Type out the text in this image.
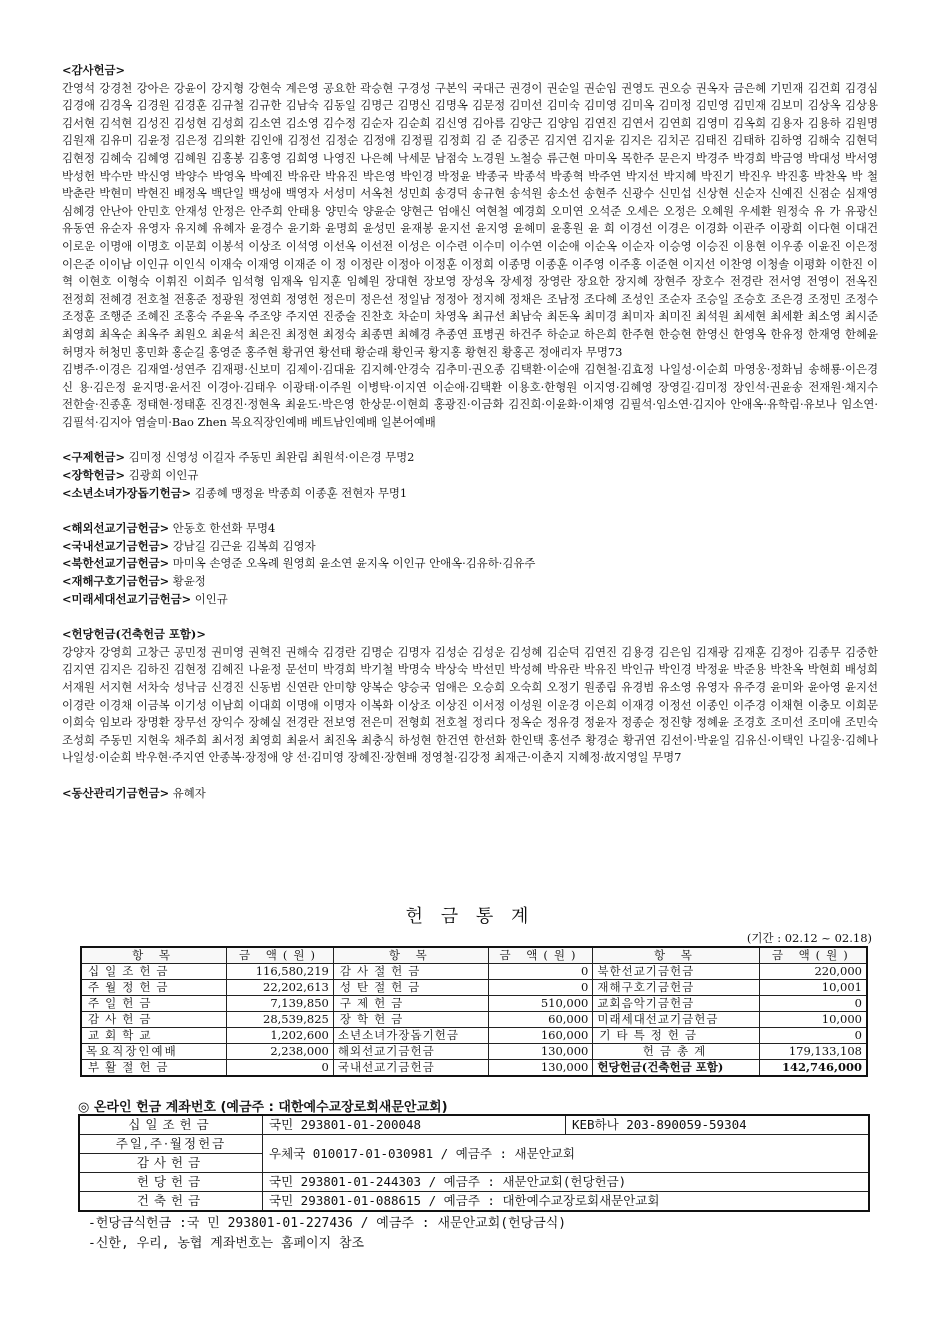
<감사헌금>
간영석 강경천 강아은 강윤이 강지형 강현숙 계은영 공요한 곽승현 구경성 구본익 국대근 권경이 권순일 권순임 권영도 권오승 권옥자 금은혜 기민재 김건희 김경심 김경애 김경옥 김경원 김경훈 김규철 김규한 김남숙 김동일 김명근 김명신 김명옥 김문정 김미선 김미숙 김미영 김미옥 김미정 김민영 김민재 김보미 김상옥 김상용 김서현 김석현 김성진 김성현 김성희 김소연 김소영 김수정 김순자 김순희 김신영 김아름 김양근 김양임 김연진 김연서 김연희 김영미 김옥희 김용자 김용하 김원명 김원재 김유미 김윤정 김은정 김의환 김인애 김정선 김정순 김정애 김정필 김정희 김 준 김중곤 김지연 김지윤 김지은 김치곤 김태진 김태하 김하영 김해숙 김현덕 김현정 김혜숙 김혜영 김혜원 김홍봉 김홍영 김희영 나영진 나은혜 낙세문 남점숙 노경원 노철승 류근현 마미옥 목한주 문은지 박경주 박경희 박금영 박대성 박서영 박성헌 박수만 박신영 박양수 박영옥 박예진 박유란 박유진 박은영 박인경 박정윤 박종국 박종석 박종혁 박주연 박지선 박지혜 박진기 박진우 박진홍 박찬옥 박 철 박춘란 박현미 박현진 배정옥 백단일 백성애 백영자 서성미 서옥천 성민희 송경덕 송규현 송석원 송소선 송현주 신광수 신민섭 신상현 신순자 신예진 신점순 심재영 심혜경 안난아 안민호 안재성 안정은 안주희 안태용 양민숙 양윤순 양현근 엄애신 여현철 예경희 오미연 오석준 오세은 오정은 오혜원 우세환 원정숙 유 가 유광신 유동연 유순자 유영자 유지혜 유혜자 윤경수 윤기화 윤명희 윤성민 윤재봉 윤지선 윤지영 윤혜미 윤홍원 윤 희 이경선 이경은 이경화 이관주 이광희 이다현 이대건 이로운 이명애 이명호 이문희 이봉석 이상조 이석영 이선옥 이선전 이성은 이수련 이수미 이수연 이순애 이순옥 이순자 이승영 이승진 이용현 이우종 이윤진 이은정 이은준 이이남 이인규 이인식 이재숙 이재영 이재준 이 정 이정란 이정아 이정훈 이정희 이종명 이종훈 이주영 이주홍 이준현 이지선 이찬영 이청솔 이평화 이한진 이 혁 이현호 이형숙 이휘진 이희주 임석형 임재옥 임지훈 임혜원 장대현 장보영 장성옥 장세정 장영란 장요한 장지혜 장현주 장호수 전경란 전서영 전영이 전옥진 전정희 전혜경 전호철 전홍준 정광원 정연희 정영헌 정은미 정은선 정일남 정정아 정지혜 정채은 조남정 조다혜 조성인 조순자 조승일 조승호 조은경 조정민 조정수 조정훈 조행준 조혜진 조홍숙 주윤옥 주조양 주지연 진중술 진찬호 차순미 차영옥 최규선 최남숙 최돈옥 최미경 최미자 최미진 최석원 최세현 최세환 최소영 최시준 최영희 최옥순 최옥주 최원오 최윤석 최은진 최정현 최정숙 최종면 최혜경 추종연 표병권 하건주 하순교 하은희 한주현 한승현 한영신 한영옥 한유정 한재영 한혜윤 허명자 허청민 홍민화 홍순길 홍영준 홍주현 황귀연 황선태 황순래 황인국 황지홍 황현진 황홍곤 정애리자 무명73
김병주·이경은 김재열·성연주 김재평·신보미 김제이·김대윤 김지혜·안경숙 김추미·권오종 김택환·이순애 김현철·김효정 나일성·이순희 마영웅·정화님 송해룡·이은경 신 용·김은정 윤지명·윤서진 이경아·김태우 이광태·이주원 이병탁·이지연 이순애·김택환 이용호·한형원 이지영·김혜영 장영길·김미정 장인석·권윤송 전재원·채지수 전한술·진종훈 정태현·정태훈 진경진·정현옥 최윤도·박은영 한상문·이현희 홍광진·이금화 김진희·이윤화·이채영 김필석·임소연·김지아 안애옥·유학림·유보나 임소연·김필석·김지아 염술미·Bao Zhen 목요직장인예배 베트남인예배 일본어예배
<구제헌금> 김미정 신영성 이길자 주동민 최완림 최원석·이은경 무명2
<장학헌금> 김광희 이인규
<소년소녀가장돕기헌금> 김종혜 맹정윤 박종희 이종훈 전현자 무명1
<해외선교기금헌금> 안동호 한선화 무명4
<국내선교기금헌금> 강남길 김근윤 김복희 김영자
<북한선교기금헌금> 마미옥 손영준 오옥례 원영희 윤소연 윤지옥 이인규 안애옥·김유하·김유주
<재해구호기금헌금> 황윤정
<미래세대선교기금헌금> 이인규
<헌당헌금(건축헌금 포함)>
강양자 강영희 고창근 공민정 권미영 권혁진 권해숙 김경란 김명순 김명자 김성순 김성운 김성혜 김순덕 김연진 김용경 김은임 김재광 김재훈 김정아 김종무 김중한 김지연 김지은 김하진 김현정 김혜진 나윤정 문선미 박경희 박기철 박명숙 박상숙 박선민 박성혜 박유란 박유진 박인규 박인경 박정윤 박준용 박찬옥 박현희 배성희 서재원 서지현 서차숙 성낙금 신경진 신동범 신연란 안미향 양복순 양승국 엄애은 오승희 오숙희 오정기 원종림 유경범 유소영 유영자 유주경 윤미와 윤아영 윤지선 이경란 이경채 이금복 이기성 이남희 이대희 이명애 이명자 이복화 이상조 이상진 이서정 이성원 이운경 이은희 이재경 이정선 이종인 이주경 이채현 이충모 이희문 이희숙 임보라 장명환 장무선 장익수 장혜실 전경란 전보영 전은미 전형희 전호철 정리다 정옥순 정유경 정윤자 정종순 정진향 정혜윤 조경호 조미선 조미애 조민숙 조성희 주동민 지현욱 채주희 최서정 최영희 최윤서 최진옥 최충식 하성현 한건연 한선화 한인택 홍선주 황경순 황귀연 김선이·박윤일 김유신·이택인 나길웅·김혜나 나일성·이순희 박우현·주지연 안종복·장정애 양 선·김미영 장혜진·장현배 정영철·김강정 최재근·이춘지 지혜정·故지영일 무명7
<동산관리기금헌금> 유혜자
헌 금 통 계
(기간 : 02.12 ~ 02.18)
항 목	금 액(원)	항 목	금 액(원)	항 목	금 액(원)
십일조헌금	116,580,219	감사절헌금	0	북한선교기금헌금	220,000
주월정헌금	22,202,613	성탄절헌금	0	재해구호기금헌금	10,001
주일헌금	7,139,850	구제헌금	510,000	교회음악기금헌금	0
감사헌금	28,539,825	장학헌금	60,000	미래세대선교기금헌금	10,000
교회학교	1,202,600	소년소녀가장돕기헌금	160,000	기타특정헌금	0
목요직장인예배	2,238,000	해외선교기금헌금	130,000	헌금총계	179,133,108
부활절헌금	0	국내선교기금헌금	130,000	헌당헌금(건축헌금 포함)	142,746,000
◎ 온라인 헌금 계좌번호 (예금주 : 대한예수교장로회새문안교회)
십일조헌금	국민 293801-01-200048	KEB하나 203-890059-59304
주일,주·월정헌금	우체국 010017-01-030981 / 예금주 : 새문안교회	
감사헌금		
헌당헌금	국민 293801-01-244303 / 예금주 : 새문안교회(헌당헌금)	
건축헌금	국민 293801-01-088615 / 예금주 : 대한예수교장로회새문안교회	
-헌당금식헌금 :국 민 293801-01-227436 / 예금주 : 새문안교회(헌당금식)
-신한, 우리, 농협 계좌번호는 홈페이지 참조
